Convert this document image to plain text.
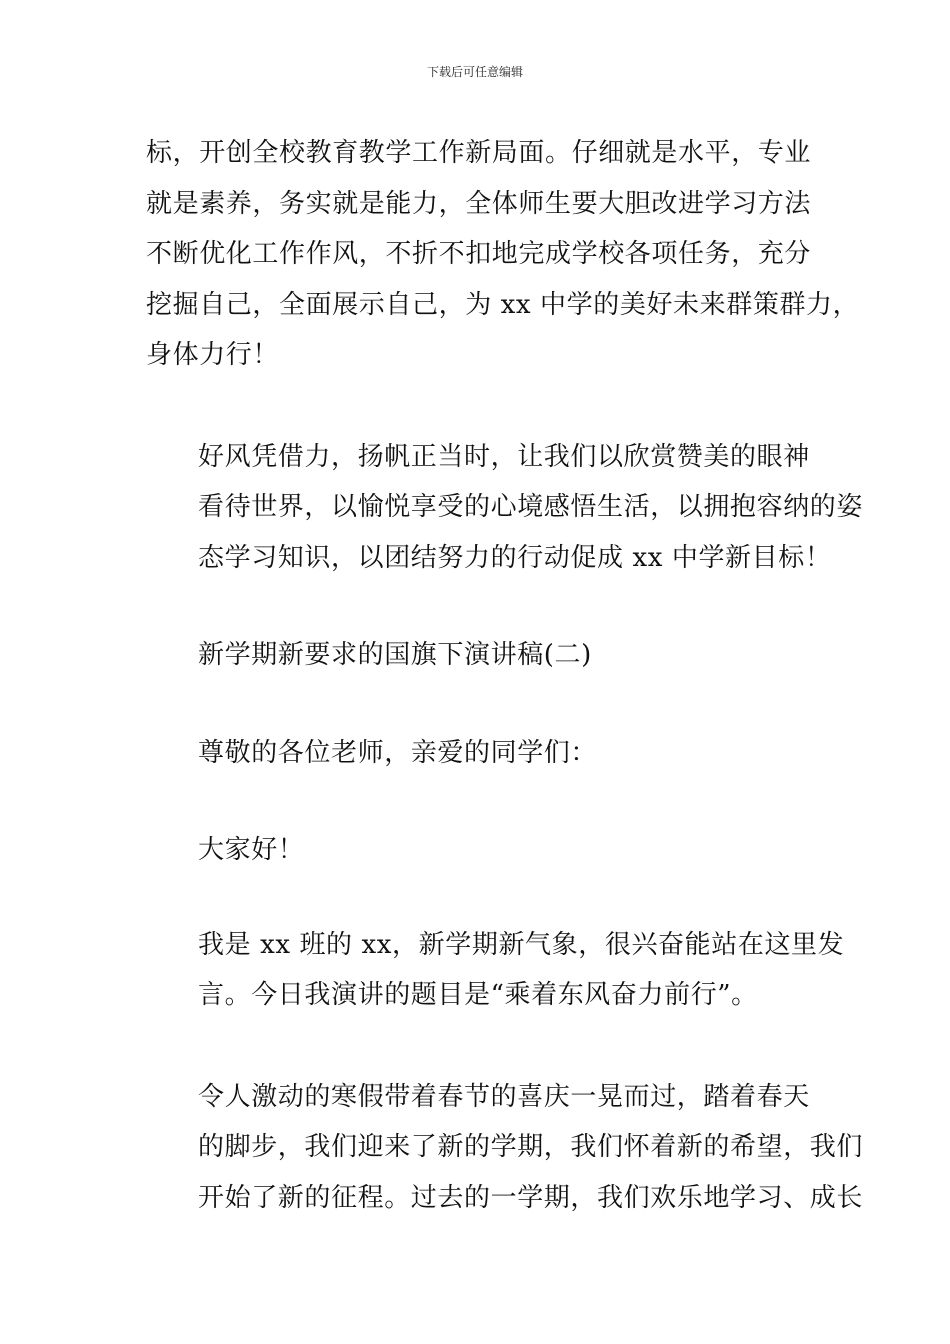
下载后可任意编辑

标，开创全校教育教学工作新局面。仔细就是水平，专业
就是素养，务实就是能力，全体师生要大胆改进学习方法
不断优化工作作风，不折不扣地完成学校各项任务，充分
挖掘自己，全面展示自己，为 xx 中学的美好未来群策群力，
身体力行！

好风凭借力，扬帆正当时，让我们以欣赏赞美的眼神
看待世界，以愉悦享受的心境感悟生活，以拥抱容纳的姿
态学习知识，以团结努力的行动促成 xx 中学新目标！

新学期新要求的国旗下演讲稿(二)

尊敬的各位老师，亲爱的同学们：

大家好！

我是 xx 班的 xx，新学期新气象，很兴奋能站在这里发
言。今日我演讲的题目是“乘着东风奋力前行”。

令人激动的寒假带着春节的喜庆一晃而过，踏着春天
的脚步，我们迎来了新的学期，我们怀着新的希望，我们
开始了新的征程。过去的一学期，我们欢乐地学习、成长
